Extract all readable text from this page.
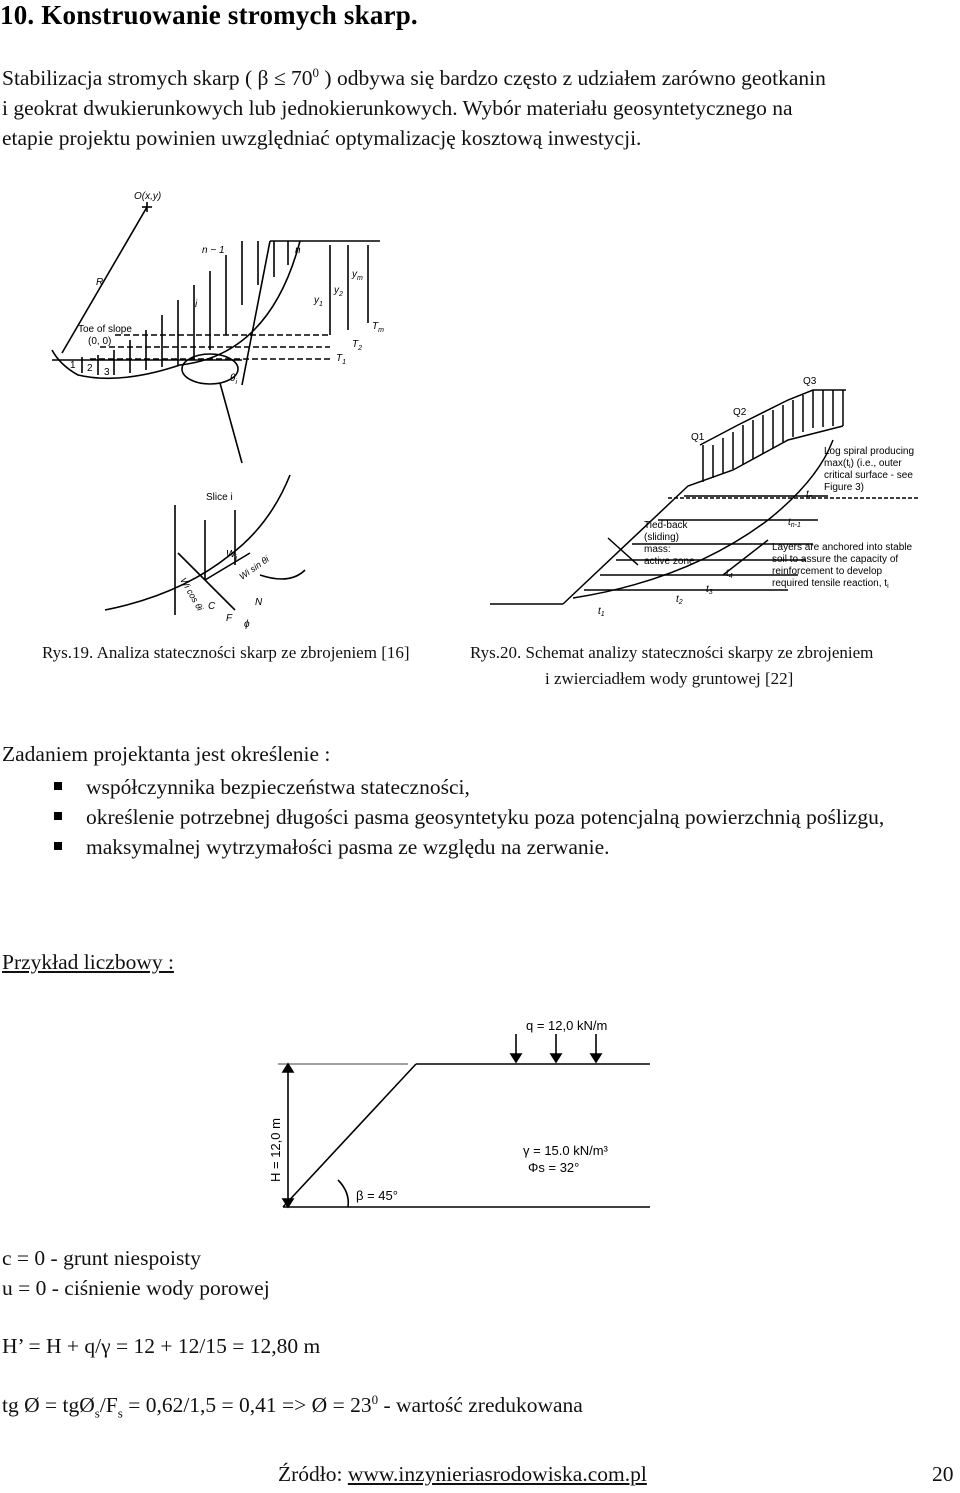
10. Konstruowanie stromych skarp.
Stabilizacja stromych skarp ( $\beta \le 70^0$ ) odbywa się bardzo często z udziałem zarówno geotkanin
i geokrat dwukierunkowych lub jednokierunkowych. Wybór materiału geosyntetycznego na
etapie projektu powinien uwzględniać optymalizację kosztową inwestycji.
O(x,y)
n − 1	n
R
i
$y_m$
$y_2$
$y_1$
Toe of slope
(0, 0)
$T_m$
$T_2$
$T_1$
1 2 3
$\theta_i$
Slice i
$W_i$
Wi cos θi
Wi sin θi
C
F
N
ϕ
Rys.19. Analiza stateczności skarp ze zbrojeniem [16]
Q1
Q2
Q3
Log spiral producing
$\max(t_i)$ (i.e., outer
critical surface - see
Figure 3)
$t_n$
$t_{n-1}$
Tied-back
(sliding)
mass:
active zone
Layers are anchored into stable
soil to assure the capacity of
reinforcement to develop
required tensile reaction, $t_i$
$t_4$
$t_3$
$t_2$
$t_1$
Rys.20. Schemat analizy stateczności skarpy ze zbrojeniem
i zwierciadłem wody gruntowej [22]
Zadaniem projektanta jest określenie :
współczynnika bezpieczeństwa stateczności,
określenie potrzebnej długości pasma geosyntetyku poza potencjalną powierzchnią poślizgu,
maksymalnej wytrzymałości pasma ze względu na zerwanie.
Przykład liczbowy :
q = 12,0 kN/m
H = 12,0 m	γ = 15.0 kN/m³
Φs = 32°
β = 45°
c = 0 - grunt niespoisty
u = 0 - ciśnienie wody porowej
H’ = H + q/γ = 12 + 12/15 = 12,80 m
tg Ø = $tgØ_s/F_s = 0,62/1,5 = 0,41$ => Ø = $23^0$ - wartość zredukowana
Źródło: www.inzynieriasrodowiska.com.pl	20
